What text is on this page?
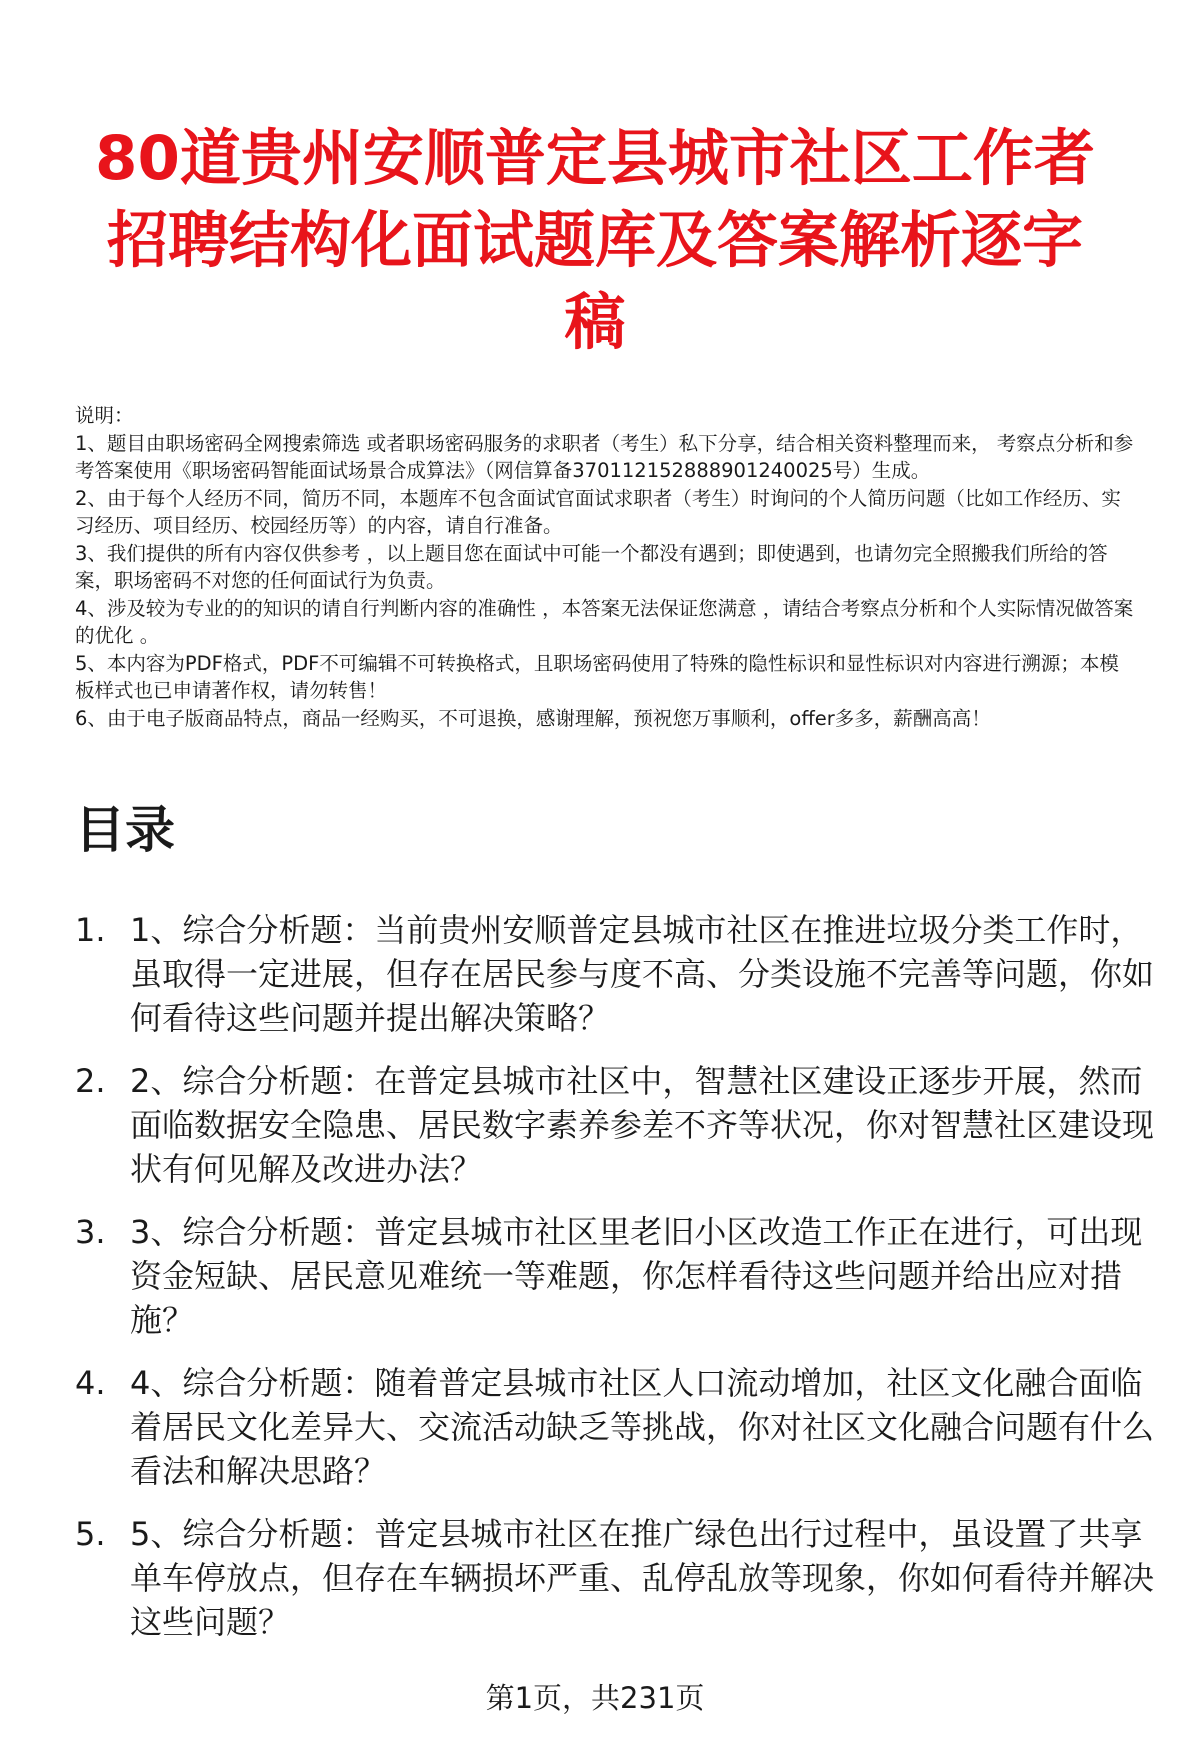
80道贵州安顺普定县城市社区工作者招聘结构化面试题库及答案解析逐字稿

说明：

1、题目由职场密码全网搜索筛选 或者职场密码服务的求职者（考生）私下分享，结合相关资料整理而来， 考察点分析和参考答案使用《职场密码智能面试场景合成算法》（网信算备370112152888901240025号）生成。

2、由于每个人经历不同，简历不同，本题库不包含面试官面试求职者（考生）时询问的个人简历问题（比如工作经历、实习经历、项目经历、校园经历等）的内容，请自行准备。

3、我们提供的所有内容仅供参考 ，以上题目您在面试中可能一个都没有遇到；即使遇到，也请勿完全照搬我们所给的答案，职场密码不对您的任何面试行为负责。

4、涉及较为专业的的知识的请自行判断内容的准确性 ，本答案无法保证您满意 ，请结合考察点分析和个人实际情况做答案的优化 。

5、本内容为PDF格式，PDF不可编辑不可转换格式，且职场密码使用了特殊的隐性标识和显性标识对内容进行溯源；本模板样式也已申请著作权，请勿转售！

6、由于电子版商品特点，商品一经购买，不可退换，感谢理解，预祝您万事顺利，offer多多，薪酬高高！

目录
1. 1、综合分析题：当前贵州安顺普定县城市社区在推进垃圾分类工作时，虽取得一定进展，但存在居民参与度不高、分类设施不完善等问题，你如何看待这些问题并提出解决策略？
2. 2、综合分析题：在普定县城市社区中，智慧社区建设正逐步开展，然而面临数据安全隐患、居民数字素养参差不齐等状况，你对智慧社区建设现状有何见解及改进办法？
3. 3、综合分析题：普定县城市社区里老旧小区改造工作正在进行，可出现资金短缺、居民意见难统一等难题，你怎样看待这些问题并给出应对措施？
4. 4、综合分析题：随着普定县城市社区人口流动增加，社区文化融合面临着居民文化差异大、交流活动缺乏等挑战，你对社区文化融合问题有什么看法和解决思路？
5. 5、综合分析题：普定县城市社区在推广绿色出行过程中，虽设置了共享单车停放点，但存在车辆损坏严重、乱停乱放等现象，你如何看待并解决这些问题？
第1页，共231页
